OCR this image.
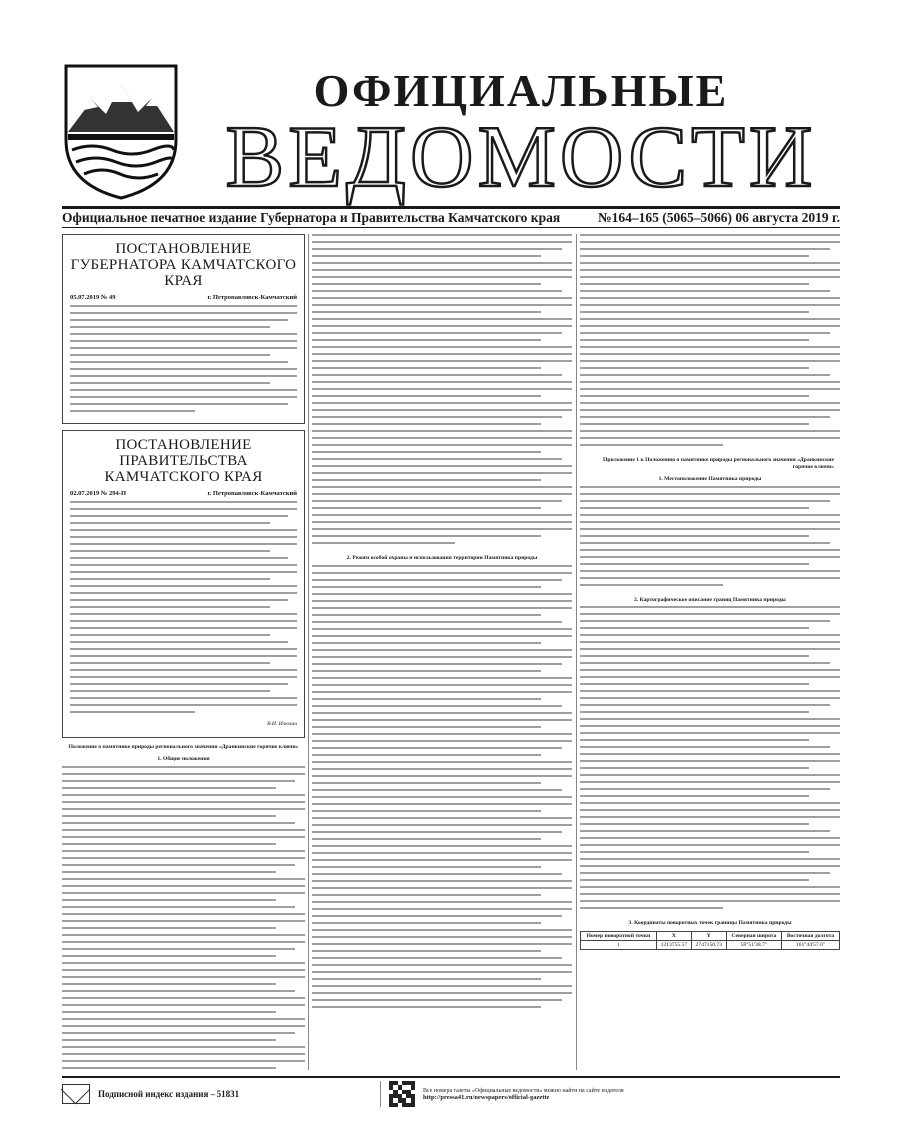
ОФИЦИАЛЬНЫЕ
ВЕДОМОСТИ
Официальное печатное издание Губернатора и Правительства Камчатского края	№164–165 (5065–5066) 06 августа 2019 г.
ПОСТАНОВЛЕНИЕ ГУБЕРНАТОРА КАМЧАТСКОГО КРАЯ
05.07.2019 № 49	г. Петропавловск-Камчатский
ПОСТАНОВЛЕНИЕ ПРАВИТЕЛЬСТВА КАМЧАТСКОГО КРАЯ
02.07.2019 № 294-П	г. Петропавловск-Камчатский
В.И. Илюхин
Положение о памятнике природы регионального значения «Дранкинские горячие ключи»
1. Общие положения
2. Режим особой охраны и использования территории Памятника природы
Приложение 1 к Положению о памятнике природы регионального значения «Дранкинские горячие ключи»
1. Местоположение Памятника природы
2. Картографическое описание границ Памятника природы
3. Координаты поворотных точек границы Памятника природы
Номер поворотной точки	X	Y	Северная широта	Восточная долгота
1	1213755.57	2747150.73	58°51'38.7"	161°44'57.0"
Подписной индекс издания – 51831	Все номера газеты «Официальные ведомости» можно найти на сайте издателя
http://pressa41.ru/newspapers/official-gazette
